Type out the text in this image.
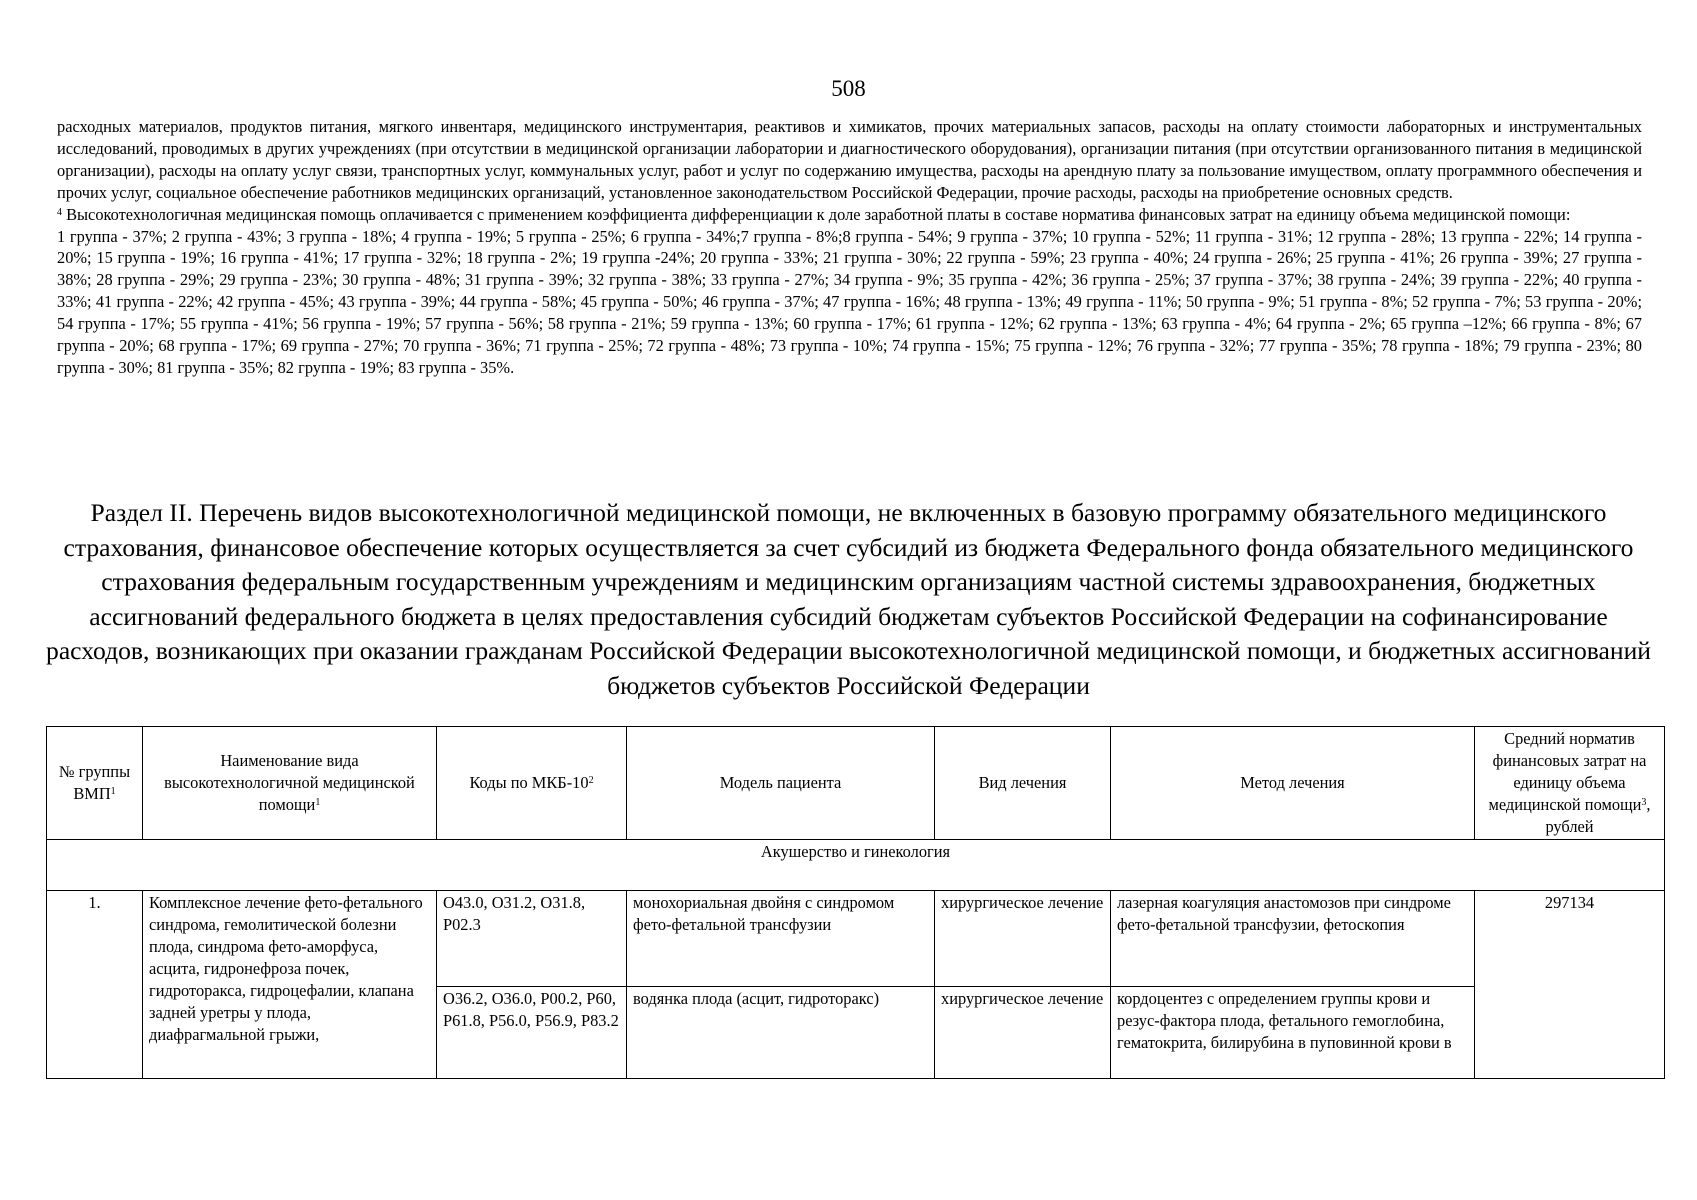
508

расходных материалов, продуктов питания, мягкого инвентаря, медицинского инструментария, реактивов и химикатов, прочих материальных запасов, расходы на оплату стоимости лабораторных и инструментальных исследований, проводимых в других учреждениях (при отсутствии в медицинской организации лаборатории и диагностического оборудования), организации питания (при отсутствии организованного питания в медицинской организации), расходы на оплату услуг связи, транспортных услуг, коммунальных услуг, работ и услуг по содержанию имущества, расходы на арендную плату за пользование имуществом, оплату программного обеспечения и прочих услуг, социальное обеспечение работников медицинских организаций, установленное законодательством Российской Федерации, прочие расходы, расходы на приобретение основных средств.

$^4$ Высокотехнологичная медицинская помощь оплачивается с применением коэффициента дифференциации к доле заработной платы в составе норматива финансовых затрат на единицу объема медицинской помощи:

1 группа - 37%; 2 группа - 43%; 3 группа - 18%; 4 группа - 19%; 5 группа - 25%; 6 группа - 34%;7 группа - 8%;8 группа - 54%; 9 группа - 37%; 10 группа - 52%; 11 группа - 31%; 12 группа - 28%; 13 группа - 22%; 14 группа - 20%; 15 группа - 19%; 16 группа - 41%; 17 группа - 32%; 18 группа - 2%; 19 группа -24%; 20 группа - 33%; 21 группа - 30%; 22 группа - 59%; 23 группа - 40%; 24 группа - 26%; 25 группа - 41%; 26 группа - 39%; 27 группа - 38%; 28 группа - 29%; 29 группа - 23%; 30 группа - 48%; 31 группа - 39%; 32 группа - 38%; 33 группа - 27%; 34 группа - 9%; 35 группа - 42%; 36 группа - 25%; 37 группа - 37%; 38 группа - 24%; 39 группа - 22%; 40 группа - 33%; 41 группа - 22%; 42 группа - 45%; 43 группа - 39%; 44 группа - 58%; 45 группа - 50%; 46 группа - 37%; 47 группа - 16%; 48 группа - 13%; 49 группа - 11%; 50 группа - 9%; 51 группа - 8%; 52 группа - 7%; 53 группа - 20%; 54 группа - 17%; 55 группа - 41%; 56 группа - 19%; 57 группа - 56%; 58 группа - 21%; 59 группа - 13%; 60 группа - 17%; 61 группа - 12%; 62 группа - 13%; 63 группа - 4%; 64 группа - 2%; 65 группа –12%; 66 группа - 8%; 67 группа - 20%; 68 группа - 17%; 69 группа - 27%; 70 группа - 36%; 71 группа - 25%; 72 группа - 48%; 73 группа - 10%; 74 группа - 15%; 75 группа - 12%; 76 группа - 32%; 77 группа - 35%; 78 группа - 18%; 79 группа - 23%; 80 группа - 30%; 81 группа - 35%; 82 группа - 19%; 83 группа - 35%.

Раздел II. Перечень видов высокотехнологичной медицинской помощи, не включенных в базовую программу обязательного медицинского страхования, финансовое обеспечение которых осуществляется за счет субсидий из бюджета Федерального фонда обязательного медицинского страхования федеральным государственным учреждениям и медицинским организациям частной системы здравоохранения, бюджетных ассигнований федерального бюджета в целях предоставления субсидий бюджетам субъектов Российской Федерации на софинансирование расходов, возникающих при оказании гражданам Российской Федерации высокотехнологичной медицинской помощи, и бюджетных ассигнований бюджетов субъектов Российской Федерации
№ группы ВМП$^1$	Наименование вида высокотехнологичной медицинской помощи$^1$	Коды по МКБ-$10^2$	Модель пациента	Вид лечения	Метод лечения	Средний норматив финансовых затрат на единицу объема медицинской помощи$^3$, рублей
Акушерство и гинекология						
1.	Комплексное лечение фето-фетального синдрома, гемолитической болезни плода, синдрома фето-аморфуса, асцита, гидронефроза почек, гидроторакса, гидроцефалии, клапана задней уретры у плода, диафрагмальной грыжи,	O43.0, O31.2, O31.8, P02.3	монохориальная двойня с синдромом фето-фетальной трансфузии	хирургическое лечение	лазерная коагуляция анастомозов при синдроме фето-фетальной трансфузии, фетоскопия	297134
		O36.2, O36.0, P00.2, P60, P61.8, P56.0, P56.9, P83.2	водянка плода (асцит, гидроторакс)	хирургическое лечение	кордоцентез с определением группы крови и резус-фактора плода, фетального гемоглобина, гематокрита, билирубина в пуповинной крови в	
